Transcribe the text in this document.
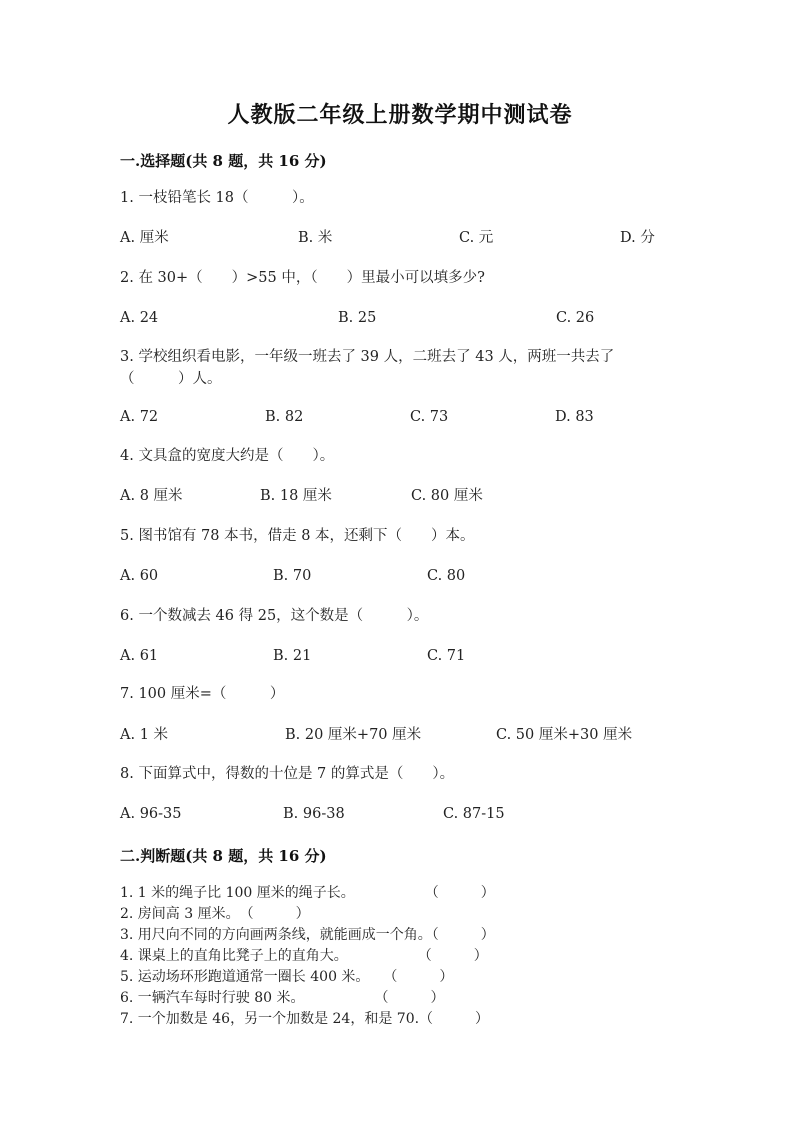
人教版二年级上册数学期中测试卷
一.选择题(共 8 题，共 16 分)
1. 一枝铅笔长 18（　　　）。
A. 厘米	B. 米	C. 元	D. 分
2. 在 30+（　　）>55 中，（　　）里最小可以填多少?
A. 24	B. 25	C. 26
3. 学校组织看电影，一年级一班去了 39 人，二班去了 43 人，两班一共去了
（　　　）人。
A. 72	B. 82	C. 73	D. 83
4. 文具盒的宽度大约是（　　）。
A. 8 厘米	B. 18 厘米	C. 80 厘米
5. 图书馆有 78 本书，借走 8 本，还剩下（　　）本。
A. 60	B. 70	C. 80
6. 一个数减去 46 得 25，这个数是（　　　）。
A. 61	B. 21	C. 71
7. 100 厘米=（　　　）
A. 1 米	B. 20 厘米+70 厘米	C. 50 厘米+30 厘米
8. 下面算式中，得数的十位是 7 的算式是（　　）。
A. 96-35	B. 96-38	C. 87-15
二.判断题(共 8 题，共 16 分)
1. 1 米的绳子比 100 厘米的绳子长。　　　　　　（　　　）
2. 房间高 3 厘米。　（　　　）
3. 用尺向不同的方向画两条线，就能画成一个角。（　　　）
4. 课桌上的直角比凳子上的直角大。　　　　　　（　　　）
5. 运动场环形跑道通常一圈长 400 米。　　（　　　）
6. 一辆汽车每时行驶 80 米。　　　　　　（　　　）
7. 一个加数是 46，另一个加数是 24，和是 70.（　　　）
